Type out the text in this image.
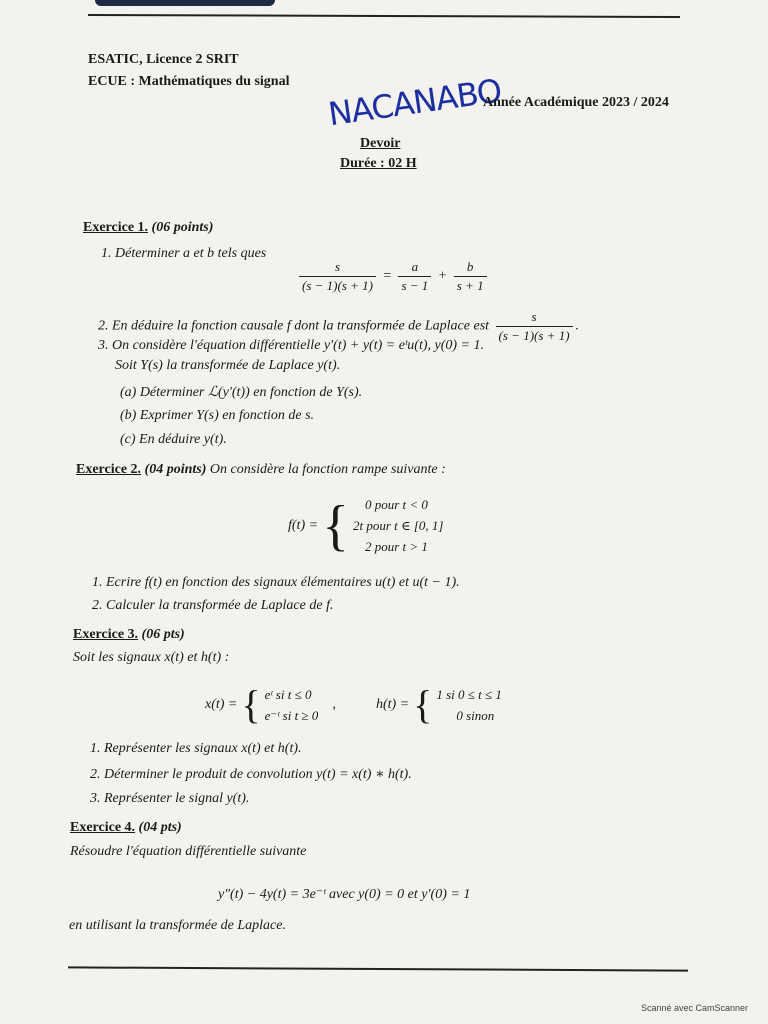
ESATIC, Licence 2 SRIT
ECUE : Mathématiques du signal NACANABO
Année Académique 2023 / 2024
Devoir
Durée : 02 H
Exercice 1. (06 points)
1. Déterminer a et b tels ques
$\frac{s}{(s - 1)(s + 1)} = \frac{a}{s - 1} + \frac{b}{s + 1}$
2. En déduire la fonction causale f dont la transformée de Laplace est $\frac{s}{(s - 1)(s + 1)}$ .
3. On considère l'équation différentielle y′(t) + y(t) = eᵗu(t), y(0) = 1.
Soit Y(s) la transformée de Laplace y(t).
(a) Déterminer ℒ(y′(t)) en fonction de Y(s).
(b) Exprimer Y(s) en fonction de s.
(c) En déduire y(t).
Exercice 2. (04 points) On considère la fonction rampe suivante :
f(t) = {	0 pour t < 0
2t pour t ∈ [0, 1]
2 pour t > 1
1. Ecrire f(t) en fonction des signaux élémentaires u(t) et u(t − 1).
2. Calculer la transformée de Laplace de f.
Exercice 3. (06 pts)
Soit les signaux x(t) et h(t) :
x(t) = { eᵗ si t ≤ 0
e⁻ᵗ si t ≥ 0
,	h(t) = { 1 si 0 ≤ t ≤ 1
0 sinon
1. Représenter les signaux x(t) et h(t).
2. Déterminer le produit de convolution y(t) = x(t) ∗ h(t).
3. Représenter le signal y(t).
Exercice 4. (04 pts)
Résoudre l'équation différentielle suivante
y″(t) − 4y(t) = 3e⁻ᵗ avec y(0) = 0 et y′(0) = 1
en utilisant la transformée de Laplace.
Scanné avec CamScanner
